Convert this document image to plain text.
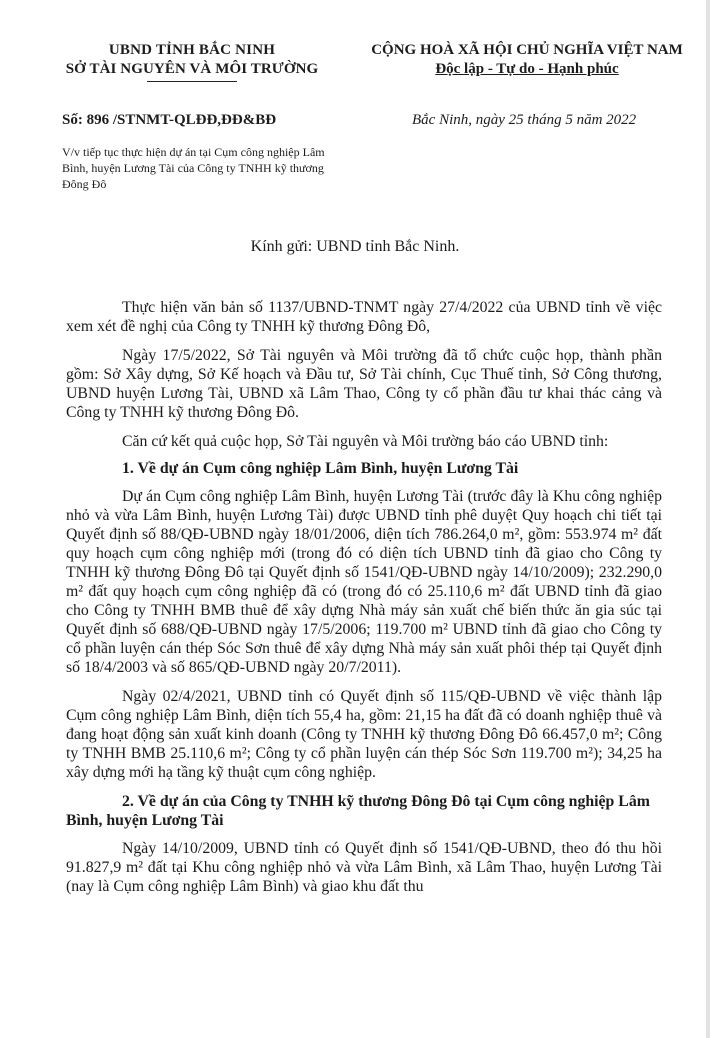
UBND TỈNH BẮC NINH
SỞ TÀI NGUYÊN VÀ MÔI TRƯỜNG
CỘNG HOÀ XÃ HỘI CHỦ NGHĨA VIỆT NAM
Độc lập - Tự do - Hạnh phúc
Số: 896 /STNMT-QLĐĐ,ĐĐ&BĐ	Bắc Ninh, ngày 25 tháng 5 năm 2022
V/v tiếp tục thực hiện dự án tại Cụm công nghiệp Lâm Bình, huyện Lương Tài của Công ty TNHH kỹ thương Đông Đô
Kính gửi: UBND tỉnh Bắc Ninh.

Thực hiện văn bản số 1137/UBND-TNMT ngày 27/4/2022 của UBND tỉnh về việc xem xét đề nghị của Công ty TNHH kỹ thương Đông Đô,

Ngày 17/5/2022, Sở Tài nguyên và Môi trường đã tổ chức cuộc họp, thành phần gồm: Sở Xây dựng, Sở Kế hoạch và Đầu tư, Sở Tài chính, Cục Thuế tỉnh, Sở Công thương, UBND huyện Lương Tài, UBND xã Lâm Thao, Công ty cổ phần đầu tư khai thác cảng và Công ty TNHH kỹ thương Đông Đô.

Căn cứ kết quả cuộc họp, Sở Tài nguyên và Môi trường báo cáo UBND tỉnh:

1. Về dự án Cụm công nghiệp Lâm Bình, huyện Lương Tài

Dự án Cụm công nghiệp Lâm Bình, huyện Lương Tài (trước đây là Khu công nghiệp nhỏ và vừa Lâm Bình, huyện Lương Tài) được UBND tỉnh phê duyệt Quy hoạch chi tiết tại Quyết định số 88/QĐ-UBND ngày 18/01/2006, diện tích 786.264,0 m², gồm: 553.974 m² đất quy hoạch cụm công nghiệp mới (trong đó có diện tích UBND tỉnh đã giao cho Công ty TNHH kỹ thương Đông Đô tại Quyết định số 1541/QĐ-UBND ngày 14/10/2009); 232.290,0 m² đất quy hoạch cụm công nghiệp đã có (trong đó có 25.110,6 m² đất UBND tỉnh đã giao cho Công ty TNHH BMB thuê để xây dựng Nhà máy sản xuất chế biến thức ăn gia súc tại Quyết định số 688/QĐ-UBND ngày 17/5/2006; 119.700 m² UBND tỉnh đã giao cho Công ty cổ phần luyện cán thép Sóc Sơn thuê để xây dựng Nhà máy sản xuất phôi thép tại Quyết định số 18/4/2003 và số 865/QĐ-UBND ngày 20/7/2011).

Ngày 02/4/2021, UBND tỉnh có Quyết định số 115/QĐ-UBND về việc thành lập Cụm công nghiệp Lâm Bình, diện tích 55,4 ha, gồm: 21,15 ha đất đã có doanh nghiệp thuê và đang hoạt động sản xuất kinh doanh (Công ty TNHH kỹ thương Đông Đô 66.457,0 m²; Công ty TNHH BMB 25.110,6 m²; Công ty cổ phần luyện cán thép Sóc Sơn 119.700 m²); 34,25 ha xây dựng mới hạ tầng kỹ thuật cụm công nghiệp.

2. Về dự án của Công ty TNHH kỹ thương Đông Đô tại Cụm công nghiệp Lâm Bình, huyện Lương Tài

Ngày 14/10/2009, UBND tỉnh có Quyết định số 1541/QĐ-UBND, theo đó thu hồi 91.827,9 m² đất tại Khu công nghiệp nhỏ và vừa Lâm Bình, xã Lâm Thao, huyện Lương Tài (nay là Cụm công nghiệp Lâm Bình) và giao khu đất thu
